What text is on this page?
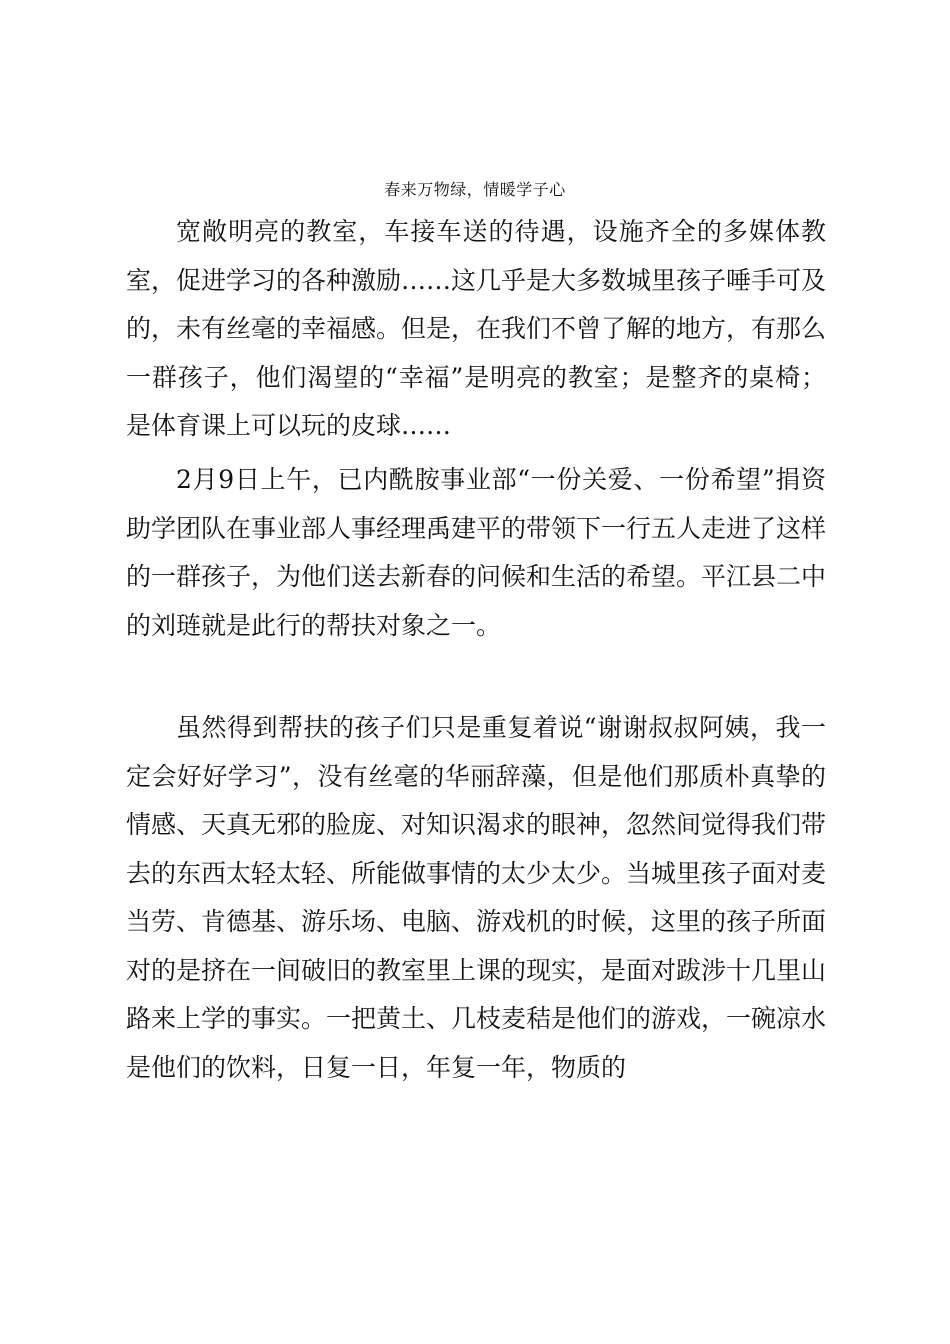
春来万物绿，情暖学子心

宽敞明亮的教室，车接车送的待遇，设施齐全的多媒体教室，促进学习的各种激励……这几乎是大多数城里孩子唾手可及的，未有丝毫的幸福感。但是，在我们不曾了解的地方，有那么一群孩子，他们渴望的“幸福”是明亮的教室；是整齐的桌椅；是体育课上可以玩的皮球……

2月9日上午，已内酰胺事业部“一份关爱、一份希望”捐资助学团队在事业部人事经理禹建平的带领下一行五人走进了这样的一群孩子，为他们送去新春的问候和生活的希望。平江县二中的刘琏就是此行的帮扶对象之一。

虽然得到帮扶的孩子们只是重复着说“谢谢叔叔阿姨，我一定会好好学习”，没有丝毫的华丽辞藻，但是他们那质朴真挚的情感、天真无邪的脸庞、对知识渴求的眼神，忽然间觉得我们带去的东西太轻太轻、所能做事情的太少太少。当城里孩子面对麦当劳、肯德基、游乐场、电脑、游戏机的时候，这里的孩子所面对的是挤在一间破旧的教室里上课的现实，是面对跋涉十几里山路来上学的事实。一把黄土、几枝麦秸是他们的游戏，一碗凉水是他们的饮料，日复一日，年复一年，物质的
